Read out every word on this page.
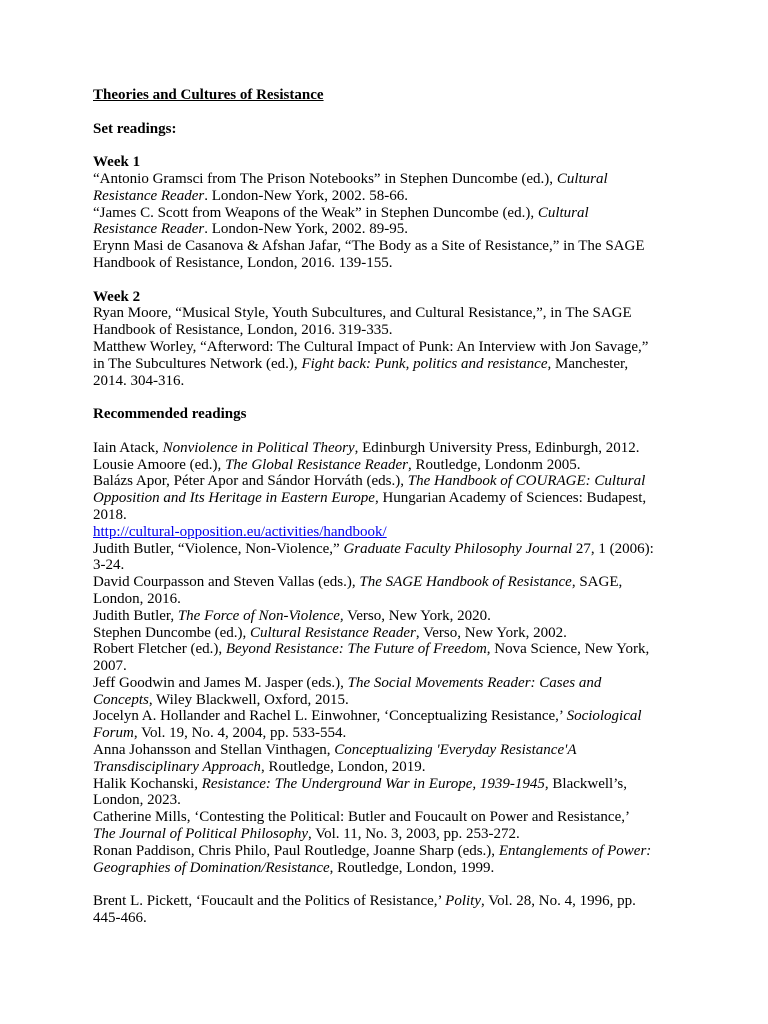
Theories and Cultures of Resistance
Set readings:
Week 1
“Antonio Gramsci from The Prison Notebooks” in Stephen Duncombe (ed.), Cultural
Resistance Reader. London-New York, 2002. 58-66.
“James C. Scott from Weapons of the Weak” in Stephen Duncombe (ed.), Cultural
Resistance Reader. London-New York, 2002. 89-95.
Erynn Masi de Casanova & Afshan Jafar, “The Body as a Site of Resistance,” in The SAGE
Handbook of Resistance, London, 2016. 139-155.
Week 2
Ryan Moore, “Musical Style, Youth Subcultures, and Cultural Resistance,”, in The SAGE
Handbook of Resistance, London, 2016. 319-335.
Matthew Worley, “Afterword: The Cultural Impact of Punk: An Interview with Jon Savage,”
in The Subcultures Network (ed.), Fight back: Punk, politics and resistance, Manchester,
2014. 304-316.
Recommended readings
Iain Atack, Nonviolence in Political Theory, Edinburgh University Press, Edinburgh, 2012.
Lousie Amoore (ed.), The Global Resistance Reader, Routledge, Londonm 2005.
Balázs Apor, Péter Apor and Sándor Horváth (eds.), The Handbook of COURAGE: Cultural
Opposition and Its Heritage in Eastern Europe, Hungarian Academy of Sciences: Budapest,
2018.
http://cultural-opposition.eu/activities/handbook/
Judith Butler, “Violence, Non-Violence,” Graduate Faculty Philosophy Journal 27, 1 (2006):
3-24.
David Courpasson and Steven Vallas (eds.), The SAGE Handbook of Resistance, SAGE,
London, 2016.
Judith Butler, The Force of Non-Violence, Verso, New York, 2020.
Stephen Duncombe (ed.), Cultural Resistance Reader, Verso, New York, 2002.
Robert Fletcher (ed.), Beyond Resistance: The Future of Freedom, Nova Science, New York,
2007.
Jeff Goodwin and James M. Jasper (eds.), The Social Movements Reader: Cases and
Concepts, Wiley Blackwell, Oxford, 2015.
Jocelyn A. Hollander and Rachel L. Einwohner, ‘Conceptualizing Resistance,’ Sociological
Forum, Vol. 19, No. 4, 2004, pp. 533-554.
Anna Johansson and Stellan Vinthagen, Conceptualizing 'Everyday Resistance'A
Transdisciplinary Approach, Routledge, London, 2019.
Halik Kochanski, Resistance: The Underground War in Europe, 1939-1945, Blackwell’s,
London, 2023.
Catherine Mills, ‘Contesting the Political: Butler and Foucault on Power and Resistance,’
The Journal of Political Philosophy, Vol. 11, No. 3, 2003, pp. 253-272.
Ronan Paddison, Chris Philo, Paul Routledge, Joanne Sharp (eds.), Entanglements of Power:
Geographies of Domination/Resistance, Routledge, London, 1999.
Brent L. Pickett, ‘Foucault and the Politics of Resistance,’ Polity, Vol. 28, No. 4, 1996, pp.
445-466.
